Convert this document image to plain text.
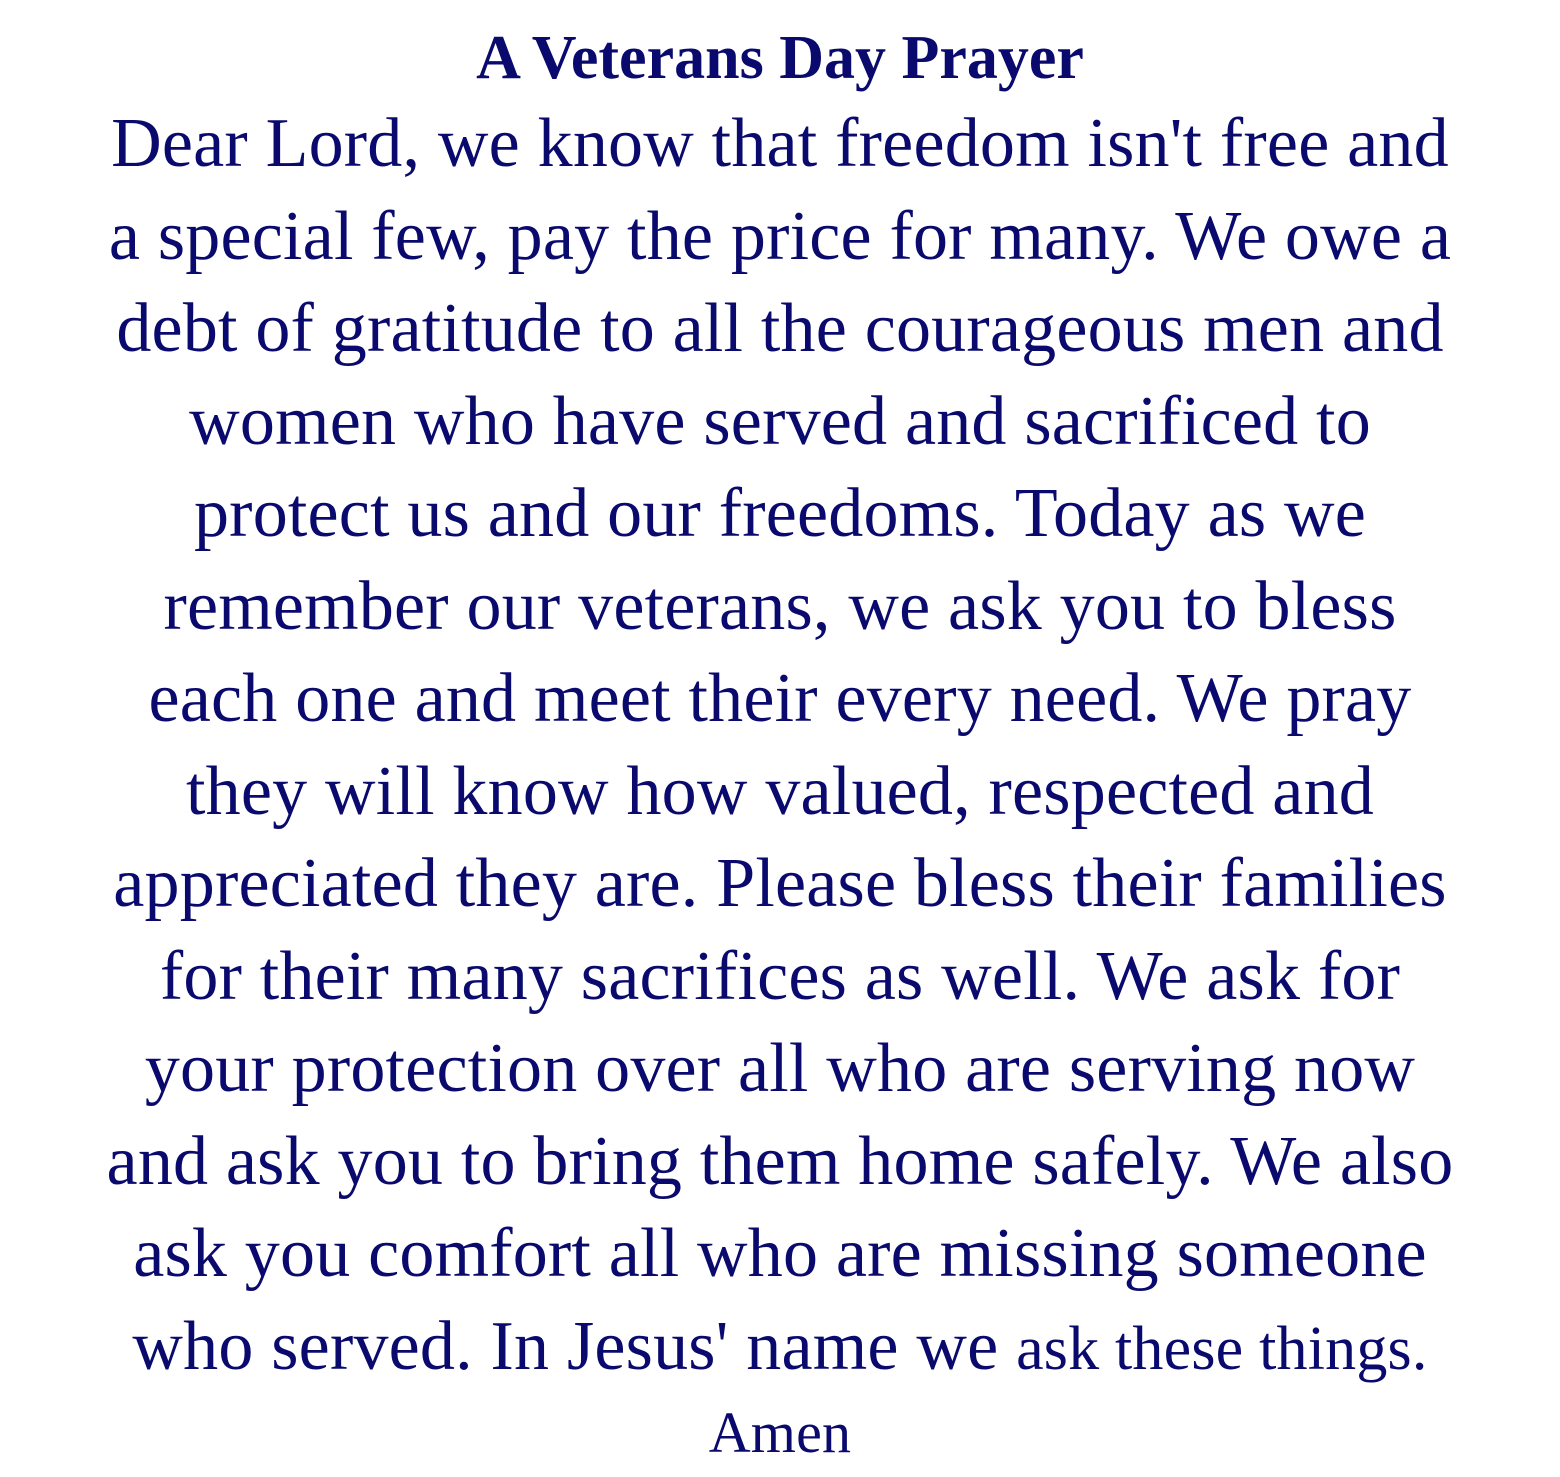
A Veterans Day Prayer
Dear Lord, we know that freedom isn't free and
a special few, pay the price for many. We owe a
debt of gratitude to all the courageous men and
women who have served and sacrificed to
protect us and our freedoms. Today as we
remember our veterans, we ask you to bless
each one and meet their every need. We pray
they will know how valued, respected and
appreciated they are. Please bless their families
for their many sacrifices as well. We ask for
your protection over all who are serving now
and ask you to bring them home safely. We also
ask you comfort all who are missing someone
who served. In Jesus' name we ask these things.
Amen
